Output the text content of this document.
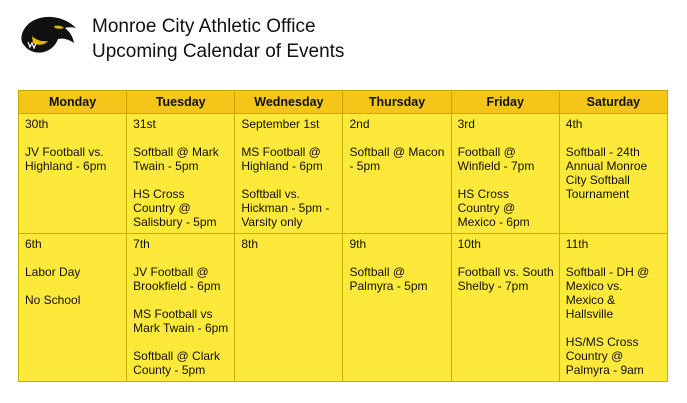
Monroe City Athletic Office
Upcoming Calendar of Events
Monday	Tuesday	Wednesday	Thursday	Friday	Saturday

30th
JV Football vs. Highland - 6pm	31st
Softball @ Mark Twain - 5pm
HS Cross Country @ Salisbury - 5pm	September 1st
MS Football @ Highland - 6pm
Softball vs. Hickman - 5pm - Varsity only	2nd
Softball @ Macon - 5pm	3rd
Football @ Winfield - 7pm
HS Cross Country @ Mexico - 6pm	4th
Softball - 24th Annual Monroe City Softball Tournament

6th
Labor Day
No School	7th
JV Football @ Brookfield - 6pm
MS Football vs Mark Twain - 6pm
Softball @ Clark County - 5pm	8th	9th
Softball @ Palmyra - 5pm	10th
Football vs. South Shelby - 7pm	11th
Softball - DH @ Mexico vs. Mexico & Hallsville
HS/MS Cross Country @ Palmyra - 9am
